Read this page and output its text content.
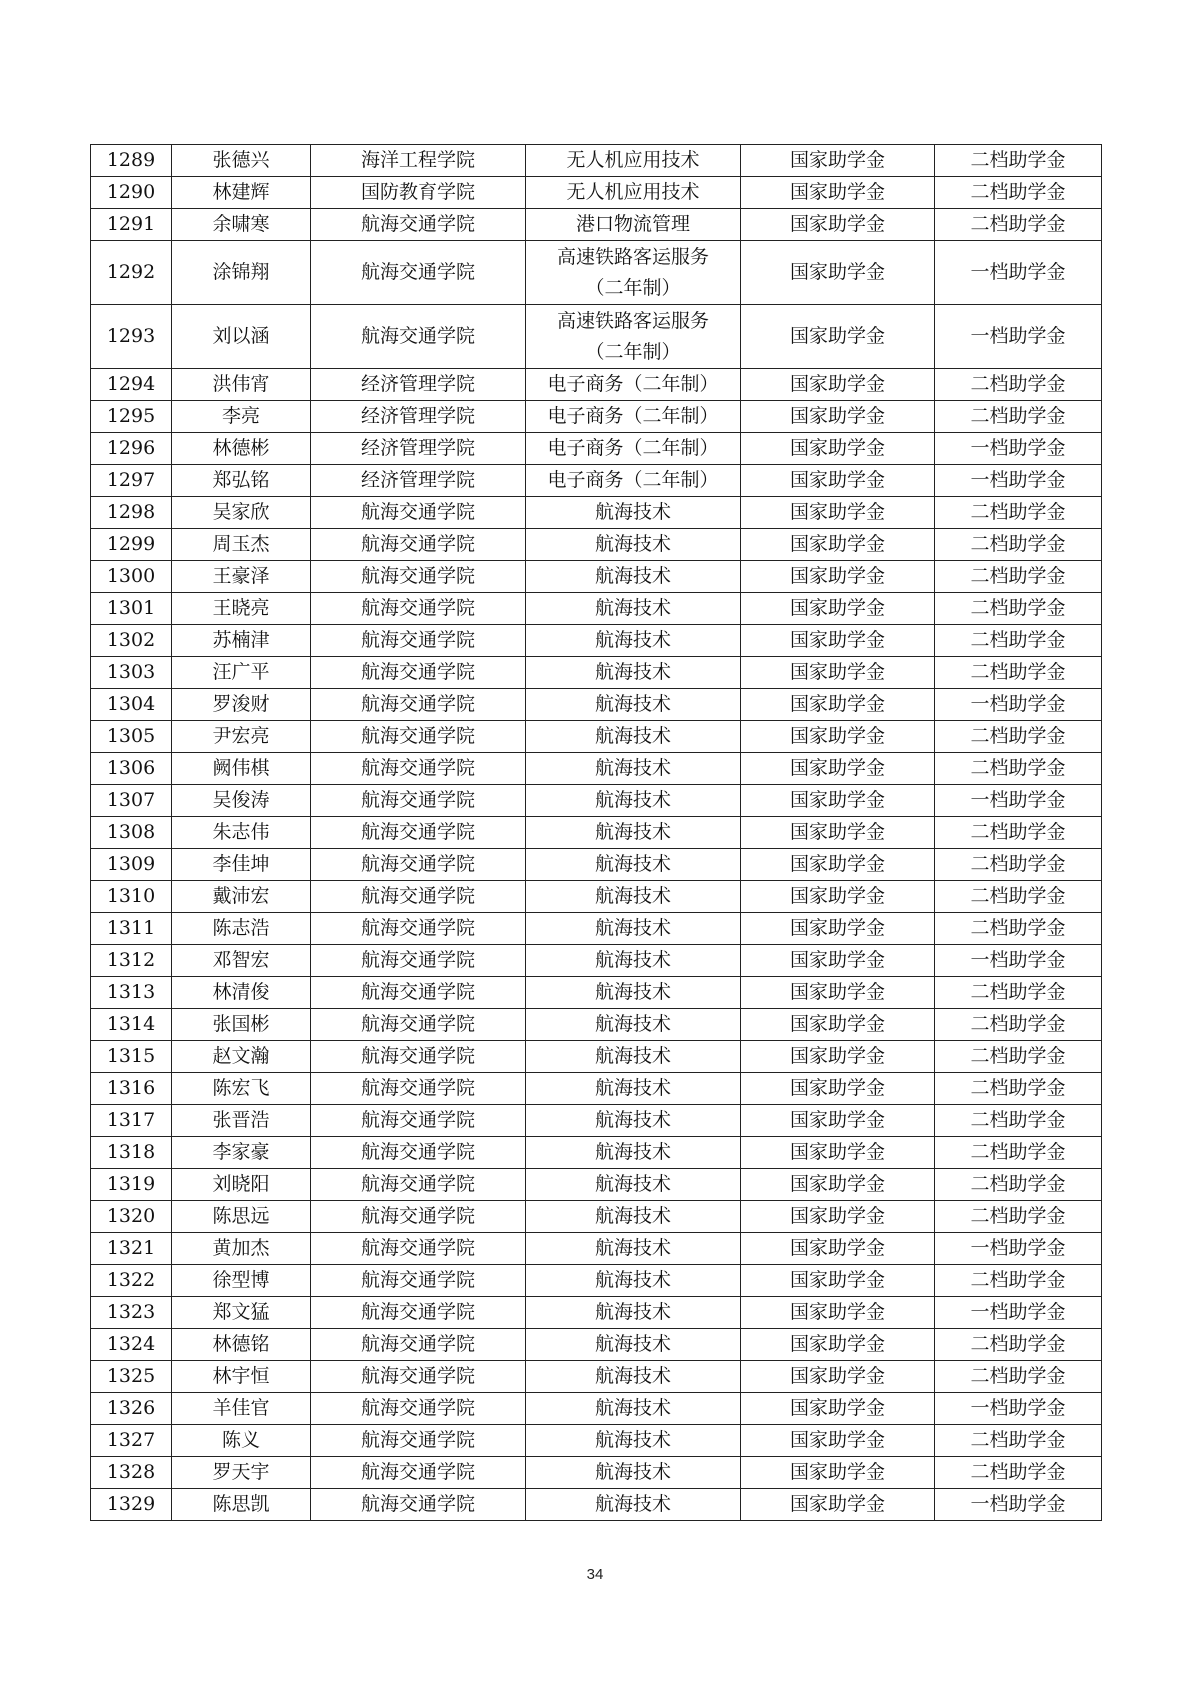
1289	张德兴	海洋工程学院	无人机应用技术	国家助学金	二档助学金
1290	林建辉	国防教育学院	无人机应用技术	国家助学金	二档助学金
1291	余啸寒	航海交通学院	港口物流管理	国家助学金	二档助学金
1292	涂锦翔	航海交通学院	高速铁路客运服务
（二年制）	国家助学金	一档助学金
1293	刘以涵	航海交通学院	高速铁路客运服务
（二年制）	国家助学金	一档助学金
1294	洪伟宵	经济管理学院	电子商务（二年制）	国家助学金	二档助学金
1295	李亮	经济管理学院	电子商务（二年制）	国家助学金	二档助学金
1296	林德彬	经济管理学院	电子商务（二年制）	国家助学金	一档助学金
1297	郑弘铭	经济管理学院	电子商务（二年制）	国家助学金	一档助学金
1298	吴家欣	航海交通学院	航海技术	国家助学金	二档助学金
1299	周玉杰	航海交通学院	航海技术	国家助学金	二档助学金
1300	王豪泽	航海交通学院	航海技术	国家助学金	二档助学金
1301	王晓亮	航海交通学院	航海技术	国家助学金	二档助学金
1302	苏楠津	航海交通学院	航海技术	国家助学金	二档助学金
1303	汪广平	航海交通学院	航海技术	国家助学金	二档助学金
1304	罗浚财	航海交通学院	航海技术	国家助学金	一档助学金
1305	尹宏亮	航海交通学院	航海技术	国家助学金	二档助学金
1306	阙伟棋	航海交通学院	航海技术	国家助学金	二档助学金
1307	吴俊涛	航海交通学院	航海技术	国家助学金	一档助学金
1308	朱志伟	航海交通学院	航海技术	国家助学金	二档助学金
1309	李佳坤	航海交通学院	航海技术	国家助学金	二档助学金
1310	戴沛宏	航海交通学院	航海技术	国家助学金	二档助学金
1311	陈志浩	航海交通学院	航海技术	国家助学金	二档助学金
1312	邓智宏	航海交通学院	航海技术	国家助学金	一档助学金
1313	林清俊	航海交通学院	航海技术	国家助学金	二档助学金
1314	张国彬	航海交通学院	航海技术	国家助学金	二档助学金
1315	赵文瀚	航海交通学院	航海技术	国家助学金	二档助学金
1316	陈宏飞	航海交通学院	航海技术	国家助学金	二档助学金
1317	张晋浩	航海交通学院	航海技术	国家助学金	二档助学金
1318	李家豪	航海交通学院	航海技术	国家助学金	二档助学金
1319	刘晓阳	航海交通学院	航海技术	国家助学金	二档助学金
1320	陈思远	航海交通学院	航海技术	国家助学金	二档助学金
1321	黄加杰	航海交通学院	航海技术	国家助学金	一档助学金
1322	徐型博	航海交通学院	航海技术	国家助学金	二档助学金
1323	郑文猛	航海交通学院	航海技术	国家助学金	一档助学金
1324	林德铭	航海交通学院	航海技术	国家助学金	二档助学金
1325	林宇恒	航海交通学院	航海技术	国家助学金	二档助学金
1326	羊佳官	航海交通学院	航海技术	国家助学金	一档助学金
1327	陈义	航海交通学院	航海技术	国家助学金	二档助学金
1328	罗天宇	航海交通学院	航海技术	国家助学金	二档助学金
1329	陈思凯	航海交通学院	航海技术	国家助学金	一档助学金
34
